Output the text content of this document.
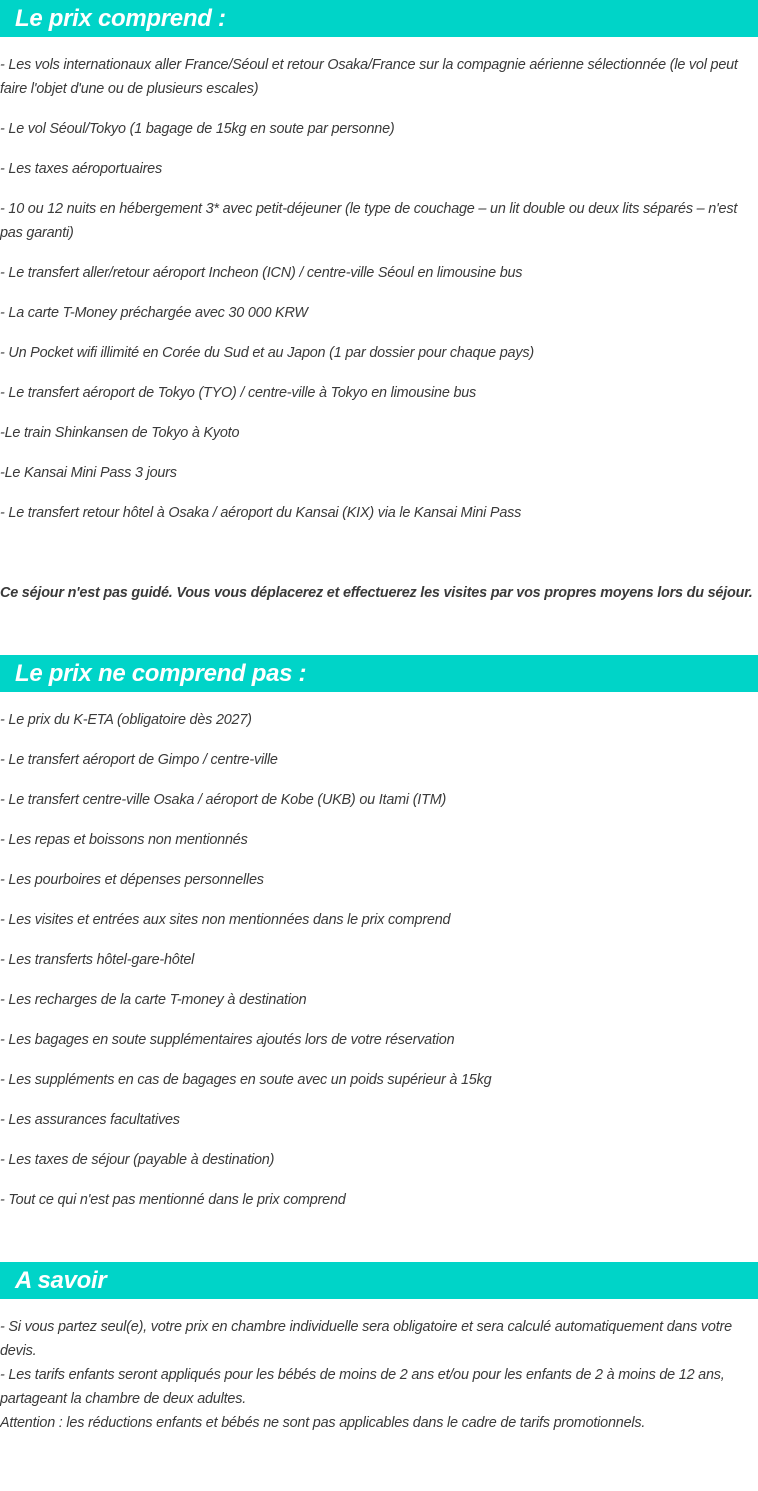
Le prix comprend :
- Les vols internationaux aller France/Séoul et retour Osaka/France sur la compagnie aérienne sélectionnée (le vol peut faire l'objet d'une ou de plusieurs escales)
- Le vol Séoul/Tokyo (1 bagage de 15kg en soute par personne)
- Les taxes aéroportuaires
- 10 ou 12 nuits en hébergement 3* avec petit-déjeuner (le type de couchage – un lit double ou deux lits séparés – n'est pas garanti)
- Le transfert aller/retour aéroport Incheon (ICN) / centre-ville Séoul en limousine bus
- La carte T-Money préchargée avec 30 000 KRW
- Un Pocket wifi illimité en Corée du Sud et au Japon (1 par dossier pour chaque pays)
- Le transfert aéroport de Tokyo (TYO) / centre-ville à Tokyo en limousine bus
-Le train Shinkansen de Tokyo à Kyoto
-Le Kansai Mini Pass 3 jours
- Le transfert retour hôtel à Osaka / aéroport du Kansai (KIX) via le Kansai Mini Pass

Ce séjour n'est pas guidé. Vous vous déplacerez et effectuerez les visites par vos propres moyens lors du séjour.

Le prix ne comprend pas :
- Le prix du K-ETA (obligatoire dès 2027)
- Le transfert aéroport de Gimpo / centre-ville
- Le transfert centre-ville Osaka / aéroport de Kobe (UKB) ou Itami (ITM)
- Les repas et boissons non mentionnés
- Les pourboires et dépenses personnelles
- Les visites et entrées aux sites non mentionnées dans le prix comprend
- Les transferts hôtel-gare-hôtel
- Les recharges de la carte T-money à destination
- Les bagages en soute supplémentaires ajoutés lors de votre réservation
- Les suppléments en cas de bagages en soute avec un poids supérieur à 15kg
- Les assurances facultatives
- Les taxes de séjour (payable à destination)
- Tout ce qui n'est pas mentionné dans le prix comprend
A savoir

- Si vous partez seul(e), votre prix en chambre individuelle sera obligatoire et sera calculé automatiquement dans votre devis.

- Les tarifs enfants seront appliqués pour les bébés de moins de 2 ans et/ou pour les enfants de 2 à moins de 12 ans, partageant la chambre de deux adultes.

Attention : les réductions enfants et bébés ne sont pas applicables dans le cadre de tarifs promotionnels.
